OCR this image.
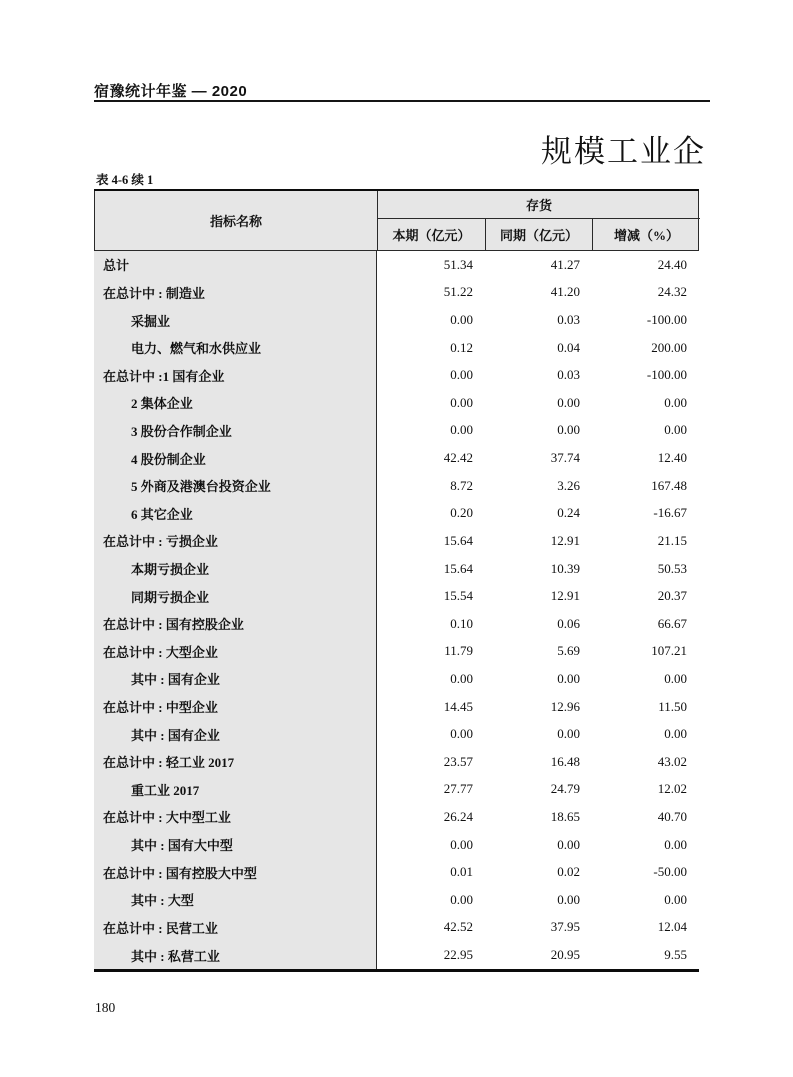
宿豫统计年鉴 — 2020
规模工业企
表 4-6 续 1
指标名称
存货
本期（亿元）	同期（亿元）	增减（%）
总计	51.34	41.27	24.40
在总计中 : 制造业	51.22	41.20	24.32
采掘业	0.00	0.03	-100.00
电力、燃气和水供应业	0.12	0.04	200.00
在总计中 :1 国有企业	0.00	0.03	-100.00
2 集体企业	0.00	0.00	0.00
3 股份合作制企业	0.00	0.00	0.00
4 股份制企业	42.42	37.74	12.40
5 外商及港澳台投资企业	8.72	3.26	167.48
6 其它企业	0.20	0.24	-16.67
在总计中 : 亏损企业	15.64	12.91	21.15
本期亏损企业	15.64	10.39	50.53
同期亏损企业	15.54	12.91	20.37
在总计中 : 国有控股企业	0.10	0.06	66.67
在总计中 : 大型企业	11.79	5.69	107.21
其中 : 国有企业	0.00	0.00	0.00
在总计中 : 中型企业	14.45	12.96	11.50
其中 : 国有企业	0.00	0.00	0.00
在总计中 : 轻工业 2017	23.57	16.48	43.02
重工业 2017	27.77	24.79	12.02
在总计中 : 大中型工业	26.24	18.65	40.70
其中 : 国有大中型	0.00	0.00	0.00
在总计中 : 国有控股大中型	0.01	0.02	-50.00
其中 : 大型	0.00	0.00	0.00
在总计中 : 民营工业	42.52	37.95	12.04
其中 : 私营工业	22.95	20.95	9.55
180
